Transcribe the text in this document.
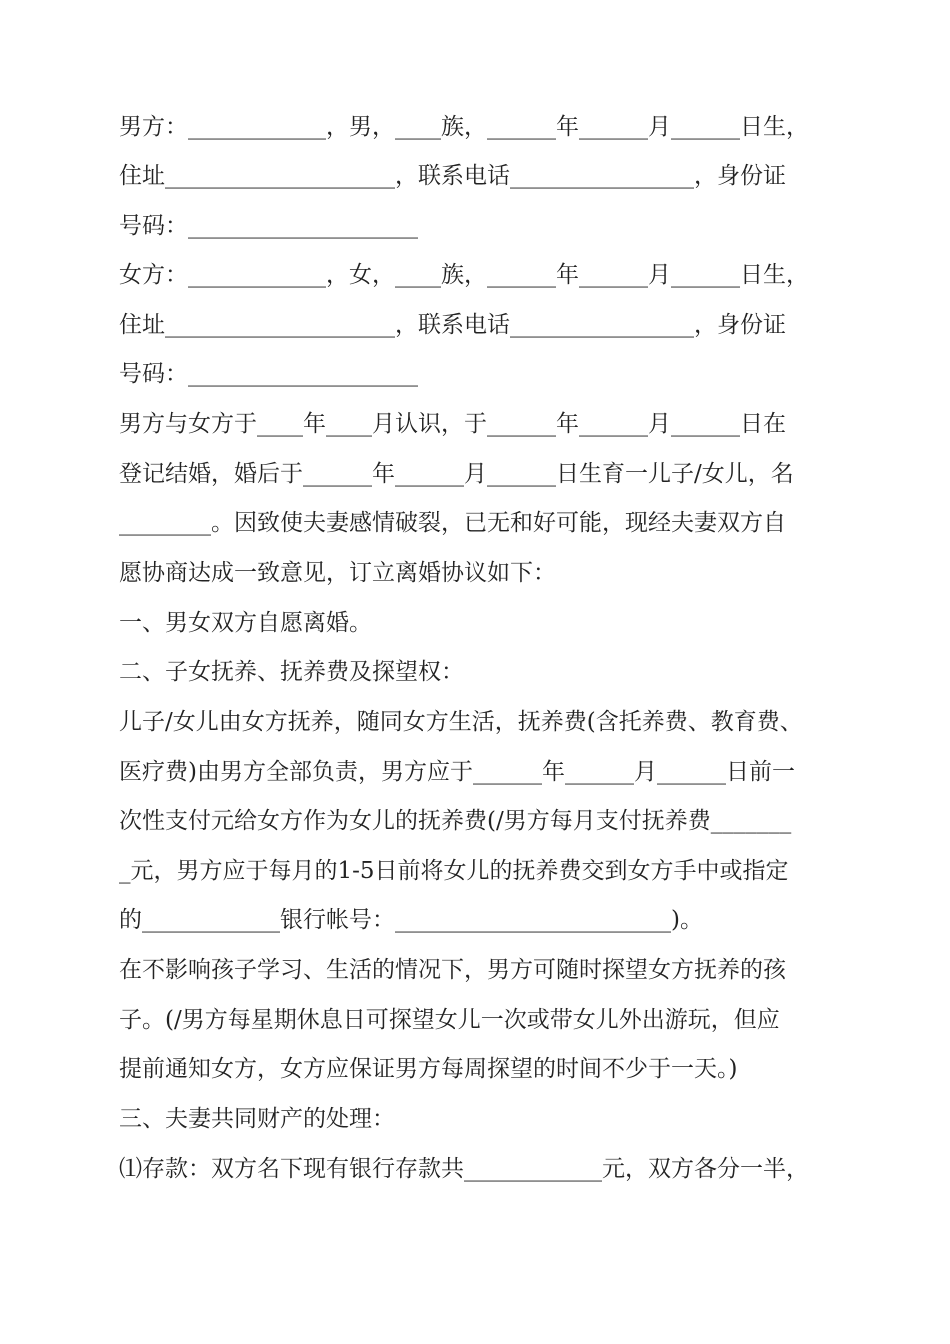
男方：____________，男，____族，______年______月______日生，
住址____________________，联系电话________________，身份证
号码：____________________
女方：____________，女，____族，______年______月______日生，
住址____________________，联系电话________________，身份证
号码：____________________
男方与女方于____年____月认识，于______年______月______日在
登记结婚，婚后于______年______月______日生育一儿子/女儿，名
________。因致使夫妻感情破裂，已无和好可能，现经夫妻双方自
愿协商达成一致意见，订立离婚协议如下：
一、男女双方自愿离婚。
二、子女抚养、抚养费及探望权：
儿子/女儿由女方抚养，随同女方生活，抚养费(含托养费、教育费、
医疗费)由男方全部负责，男方应于______年______月______日前一
次性支付元给女方作为女儿的抚养费(/男方每月支付抚养费_______
_元，男方应于每月的1-5日前将女儿的抚养费交到女方手中或指定
的____________银行帐号：________________________)。
在不影响孩子学习、生活的情况下，男方可随时探望女方抚养的孩
子。(/男方每星期休息日可探望女儿一次或带女儿外出游玩，但应
提前通知女方，女方应保证男方每周探望的时间不少于一天。)
三、夫妻共同财产的处理：
⑴存款：双方名下现有银行存款共____________元，双方各分一半，
